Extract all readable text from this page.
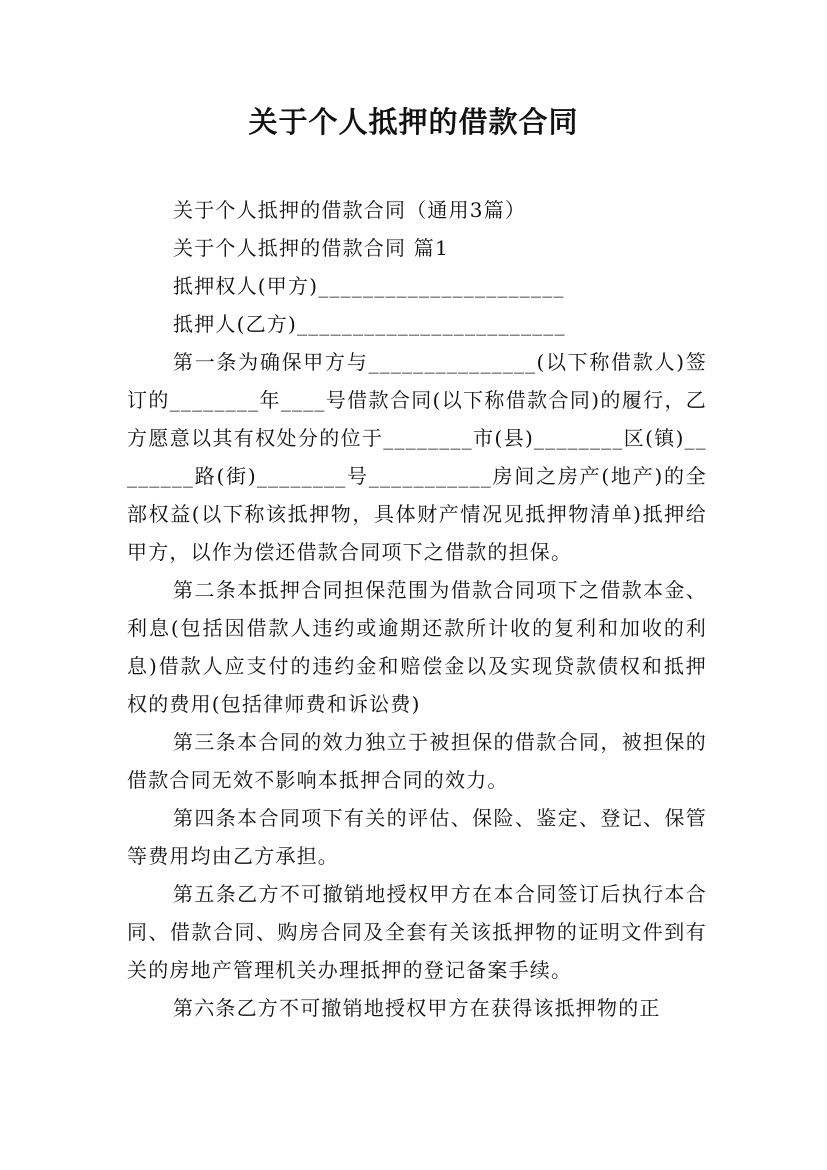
关于个人抵押的借款合同

关于个人抵押的借款合同（通用3篇）

关于个人抵押的借款合同 篇1

抵押权人(甲方)______________________

抵押人(乙方)________________________

第一条为确保甲方与_______________(以下称借款人)签订的________年____号借款合同(以下称借款合同)的履行，乙方愿意以其有权处分的位于________市(县)________区(镇)________路(街)________号___________房间之房产(地产)的全部权益(以下称该抵押物，具体财产情况见抵押物清单)抵押给甲方，以作为偿还借款合同项下之借款的担保。

第二条本抵押合同担保范围为借款合同项下之借款本金、利息(包括因借款人违约或逾期还款所计收的复利和加收的利息)借款人应支付的违约金和赔偿金以及实现贷款债权和抵押权的费用(包括律师费和诉讼费)

第三条本合同的效力独立于被担保的借款合同，被担保的借款合同无效不影响本抵押合同的效力。

第四条本合同项下有关的评估、保险、鉴定、登记、保管等费用均由乙方承担。

第五条乙方不可撤销地授权甲方在本合同签订后执行本合同、借款合同、购房合同及全套有关该抵押物的证明文件到有关的房地产管理机关办理抵押的登记备案手续。

第六条乙方不可撤销地授权甲方在获得该抵押物的正
